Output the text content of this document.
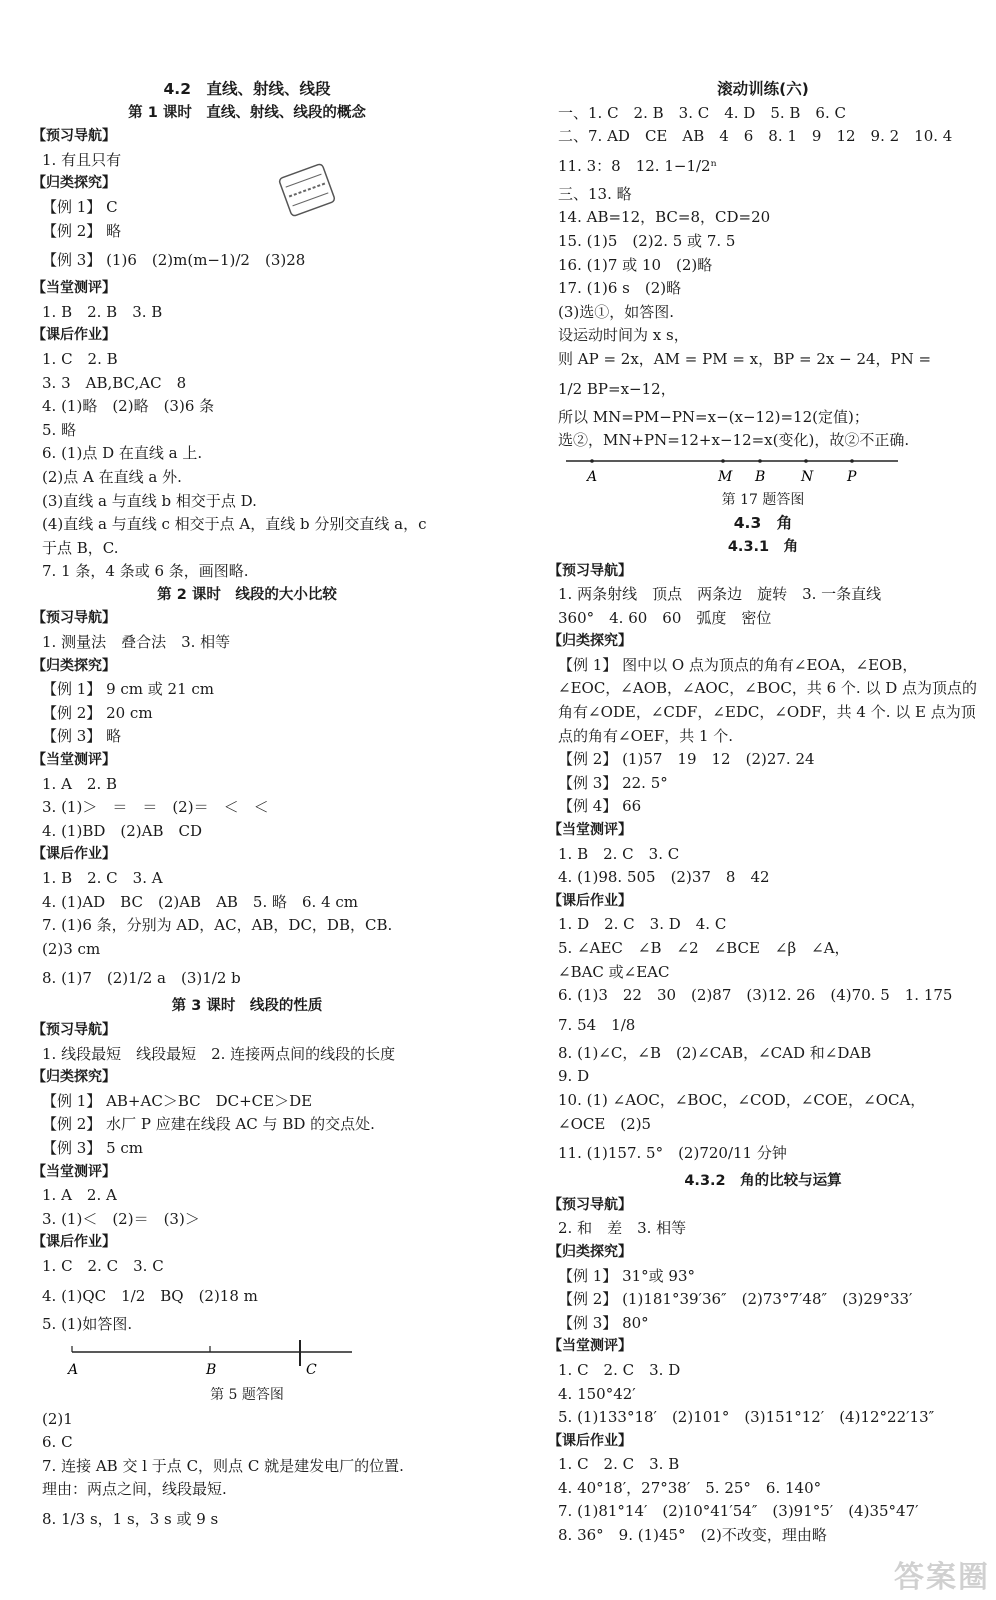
4.2　直线、射线、线段
第 1 课时　直线、射线、线段的概念
【预习导航】
1. 有且只有
【归类探究】
【例 1】 C
【例 2】 略
【例 3】 (1)6　(2)m(m−1)/2　(3)28
【当堂测评】
1. B　2. B　3. B
【课后作业】
1. C　2. B
3. 3　AB,BC,AC　8
4. (1)略　(2)略　(3)6 条
5. 略
6. (1)点 D 在直线 a 上.
(2)点 A 在直线 a 外.
(3)直线 a 与直线 b 相交于点 D.
(4)直线 a 与直线 c 相交于点 A，直线 b 分别交直线 a，c
于点 B，C.
7. 1 条，4 条或 6 条，画图略.
第 2 课时　线段的大小比较
【预习导航】
1. 测量法　叠合法　3. 相等
【归类探究】
【例 1】 9 cm 或 21 cm
【例 2】 20 cm
【例 3】 略
【当堂测评】
1. A　2. B
3. (1)＞　＝　＝　(2)＝　＜　＜
4. (1)BD　(2)AB　CD
【课后作业】
1. B　2. C　3. A
4. (1)AD　BC　(2)AB　AB　5. 略　6. 4 cm
7. (1)6 条，分别为 AD，AC，AB，DC，DB，CB.
(2)3 cm
8. (1)7　(2)1/2 a　(3)1/2 b
第 3 课时　线段的性质
【预习导航】
1. 线段最短　线段最短　2. 连接两点间的线段的长度
【归类探究】
【例 1】 AB+AC＞BC　DC+CE＞DE
【例 2】 水厂 P 应建在线段 AC 与 BD 的交点处.
【例 3】 5 cm
【当堂测评】
1. A　2. A
3. (1)＜　(2)＝　(3)＞
【课后作业】
1. C　2. C　3. C
4. (1)QC　1/2　BQ　(2)18 m
5. (1)如答图.
A	B	C
第 5 题答图
(2)1
6. C
7. 连接 AB 交 l 于点 C，则点 C 就是建发电厂的位置.
理由：两点之间，线段最短.
8. 1/3 s，1 s，3 s 或 9 s
滚动训练(六)
一、1. C　2. B　3. C　4. D　5. B　6. C
二、7. AD　CE　AB　4　6　8. 1　9　12　9. 2　10. 4
11. 3：8　12. 1−1/2ⁿ
三、13. 略
14. AB=12，BC=8，CD=20
15. (1)5　(2)2. 5 或 7. 5
16. (1)7 或 10　(2)略
17. (1)6 s　(2)略
(3)选①，如答图.
设运动时间为 x s，
则 AP = 2x，AM = PM = x，BP = 2x − 24，PN =
1/2 BP=x−12，
所以 MN=PM−PN=x−(x−12)=12(定值)；
选②，MN+PN=12+x−12=x(变化)，故②不正确.
A	M B	N P
第 17 题答图
4.3　角
4.3.1　角
【预习导航】
1. 两条射线　顶点　两条边　旋转　3. 一条直线
360°　4. 60　60　弧度　密位
【归类探究】
【例 1】 图中以 O 点为顶点的角有∠EOA，∠EOB，
∠EOC，∠AOB，∠AOC，∠BOC，共 6 个. 以 D 点为顶点的
角有∠ODE，∠CDF，∠EDC，∠ODF，共 4 个. 以 E 点为顶
点的角有∠OEF，共 1 个.
【例 2】 (1)57　19　12　(2)27. 24
【例 3】 22. 5°
【例 4】 66
【当堂测评】
1. B　2. C　3. C
4. (1)98. 505　(2)37　8　42
【课后作业】
1. D　2. C　3. D　4. C
5. ∠AEC　∠B　∠2　∠BCE　∠β　∠A，
∠BAC 或∠EAC
6. (1)3　22　30　(2)87　(3)12. 26　(4)70. 5　1. 175
7. 54　1/8
8. (1)∠C，∠B　(2)∠CAB，∠CAD 和∠DAB
9. D
10. (1) ∠AOC，∠BOC，∠COD，∠COE，∠OCA，
∠OCE　(2)5
11. (1)157. 5°　(2)720/11 分钟
4.3.2　角的比较与运算
【预习导航】
2. 和　差　3. 相等
【归类探究】
【例 1】 31°或 93°
【例 2】 (1)181°39′36″　(2)73°7′48″　(3)29°33′
【例 3】 80°
【当堂测评】
1. C　2. C　3. D
4. 150°42′
5. (1)133°18′　(2)101°　(3)151°12′　(4)12°22′13″
【课后作业】
1. C　2. C　3. B
4. 40°18′，27°38′　5. 25°　6. 140°
7. (1)81°14′　(2)10°41′54″　(3)91°5′　(4)35°47′
8. 36°　9. (1)45°　(2)不改变，理由略
答案圈
